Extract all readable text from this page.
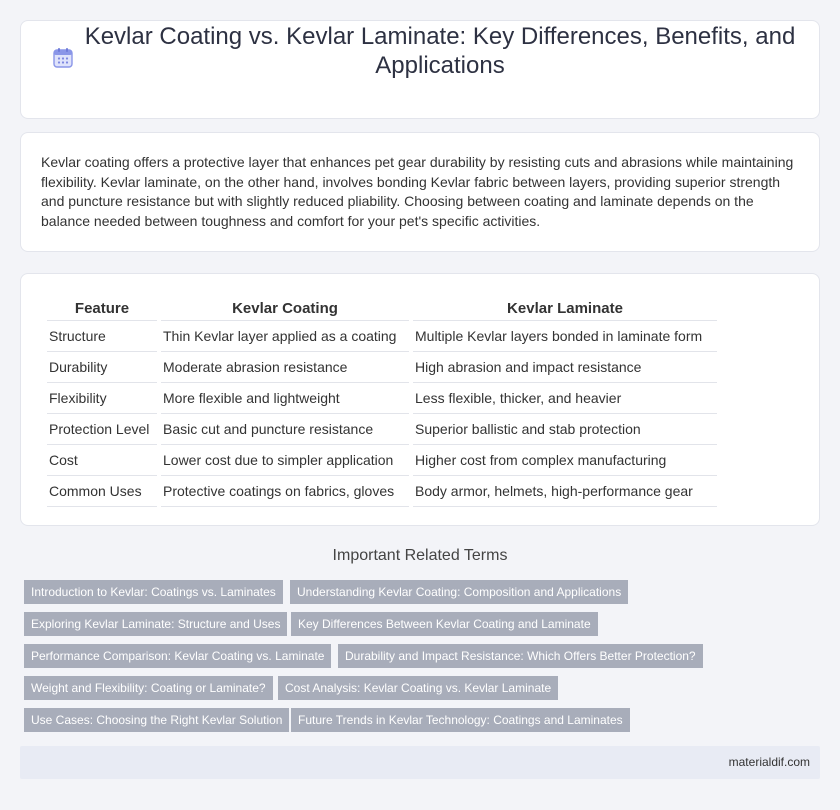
Kevlar Coating vs. Kevlar Laminate: Key Differences, Benefits, and Applications

Kevlar coating offers a protective layer that enhances pet gear durability by resisting cuts and abrasions while maintaining flexibility. Kevlar laminate, on the other hand, involves bonding Kevlar fabric between layers, providing superior strength and puncture resistance but with slightly reduced pliability. Choosing between coating and laminate depends on the balance needed between toughness and comfort for your pet's specific activities.

Feature	Kevlar Coating	Kevlar Laminate
Structure	Thin Kevlar layer applied as a coating	Multiple Kevlar layers bonded in laminate form
Durability	Moderate abrasion resistance	High abrasion and impact resistance
Flexibility	More flexible and lightweight	Less flexible, thicker, and heavier
Protection Level	Basic cut and puncture resistance	Superior ballistic and stab protection
Cost	Lower cost due to simpler application	Higher cost from complex manufacturing
Common Uses	Protective coatings on fabrics, gloves	Body armor, helmets, high-performance gear
Important Related Terms
Introduction to Kevlar: Coatings vs. Laminates	Understanding Kevlar Coating: Composition and Applications
Exploring Kevlar Laminate: Structure and Uses	Key Differences Between Kevlar Coating and Laminate
Performance Comparison: Kevlar Coating vs. Laminate	Durability and Impact Resistance: Which Offers Better Protection?
Weight and Flexibility: Coating or Laminate?	Cost Analysis: Kevlar Coating vs. Kevlar Laminate
Use Cases: Choosing the Right Kevlar Solution	Future Trends in Kevlar Technology: Coatings and Laminates
materialdif.com
